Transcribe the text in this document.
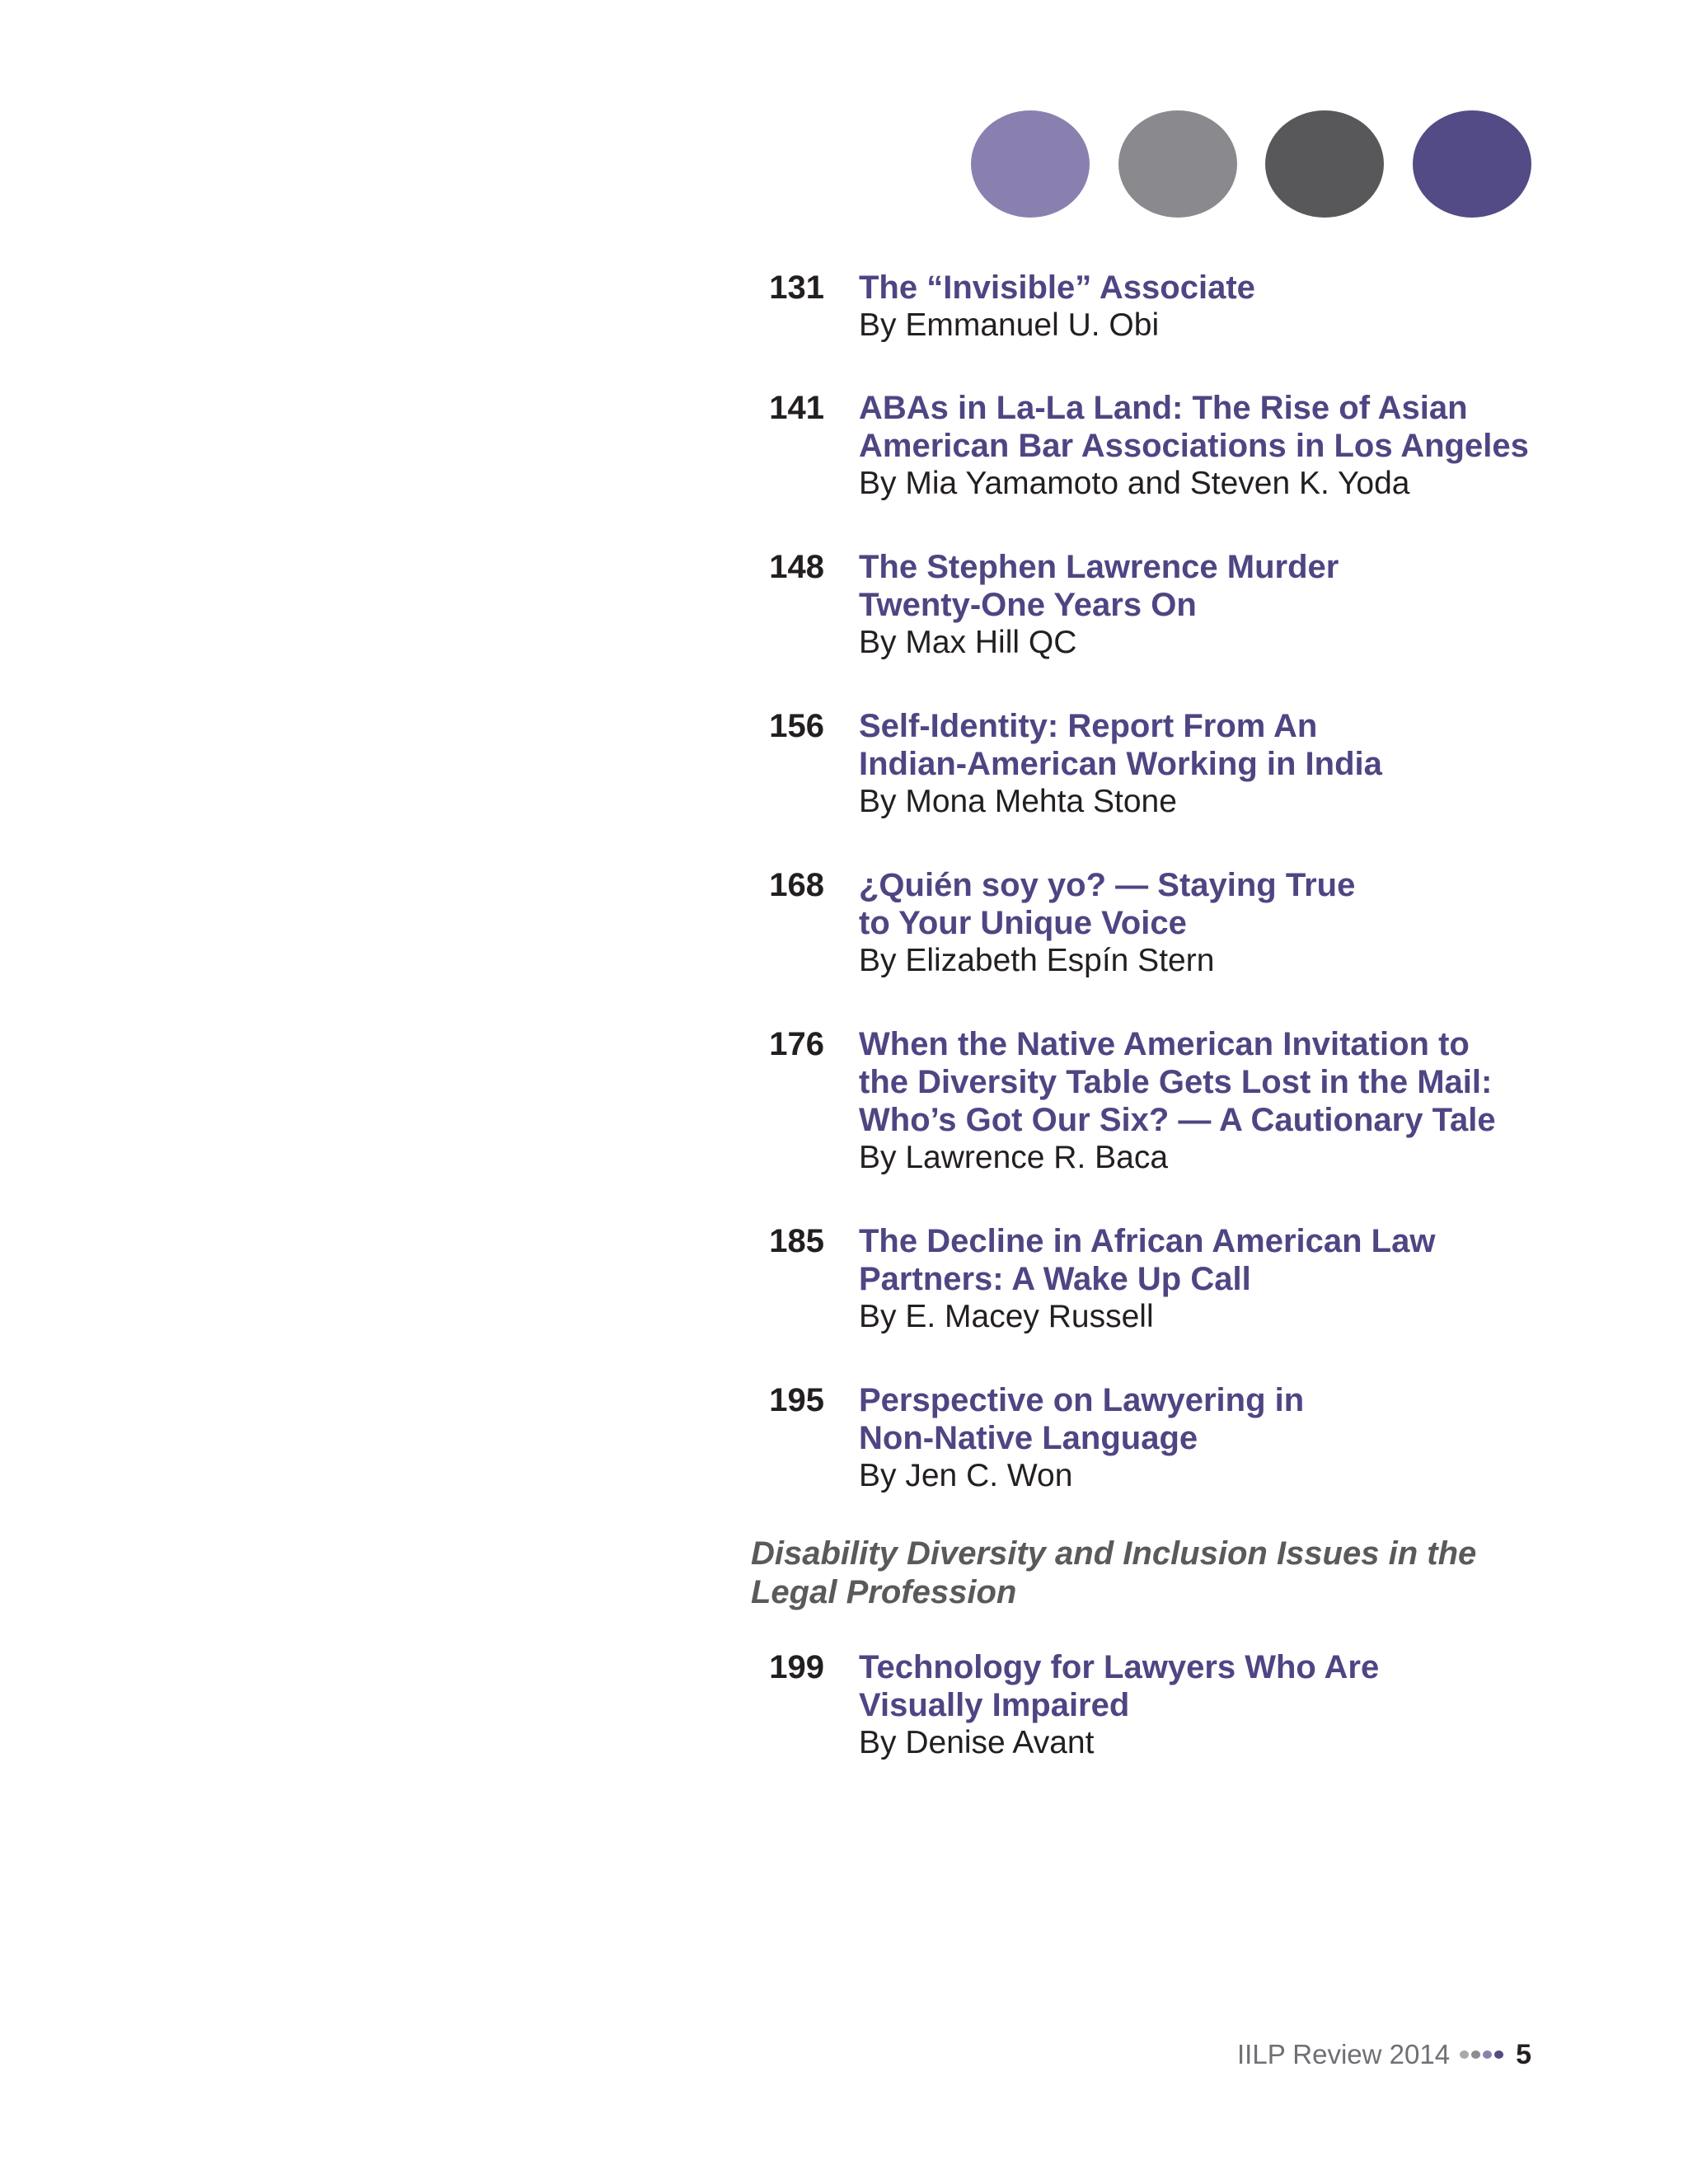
131 The “Invisible” Associate
By Emmanuel U. Obi
141 ABAs in La-La Land: The Rise of Asian
American Bar Associations in Los Angeles
By Mia Yamamoto and Steven K. Yoda
148 The Stephen Lawrence Murder
Twenty-One Years On
By Max Hill QC
156 Self-Identity: Report From An
Indian-American Working in India
By Mona Mehta Stone
168 ¿Quién soy yo? — Staying True
to Your Unique Voice
By Elizabeth Espín Stern
176 When the Native American Invitation to
the Diversity Table Gets Lost in the Mail:
Who’s Got Our Six? — A Cautionary Tale
By Lawrence R. Baca
185 The Decline in African American Law
Partners: A Wake Up Call
By E. Macey Russell
195 Perspective on Lawyering in
Non-Native Language
By Jen C. Won
Disability Diversity and Inclusion Issues in the
Legal Profession
199 Technology for Lawyers Who Are
Visually Impaired
By Denise Avant
IILP Review 2014 5
